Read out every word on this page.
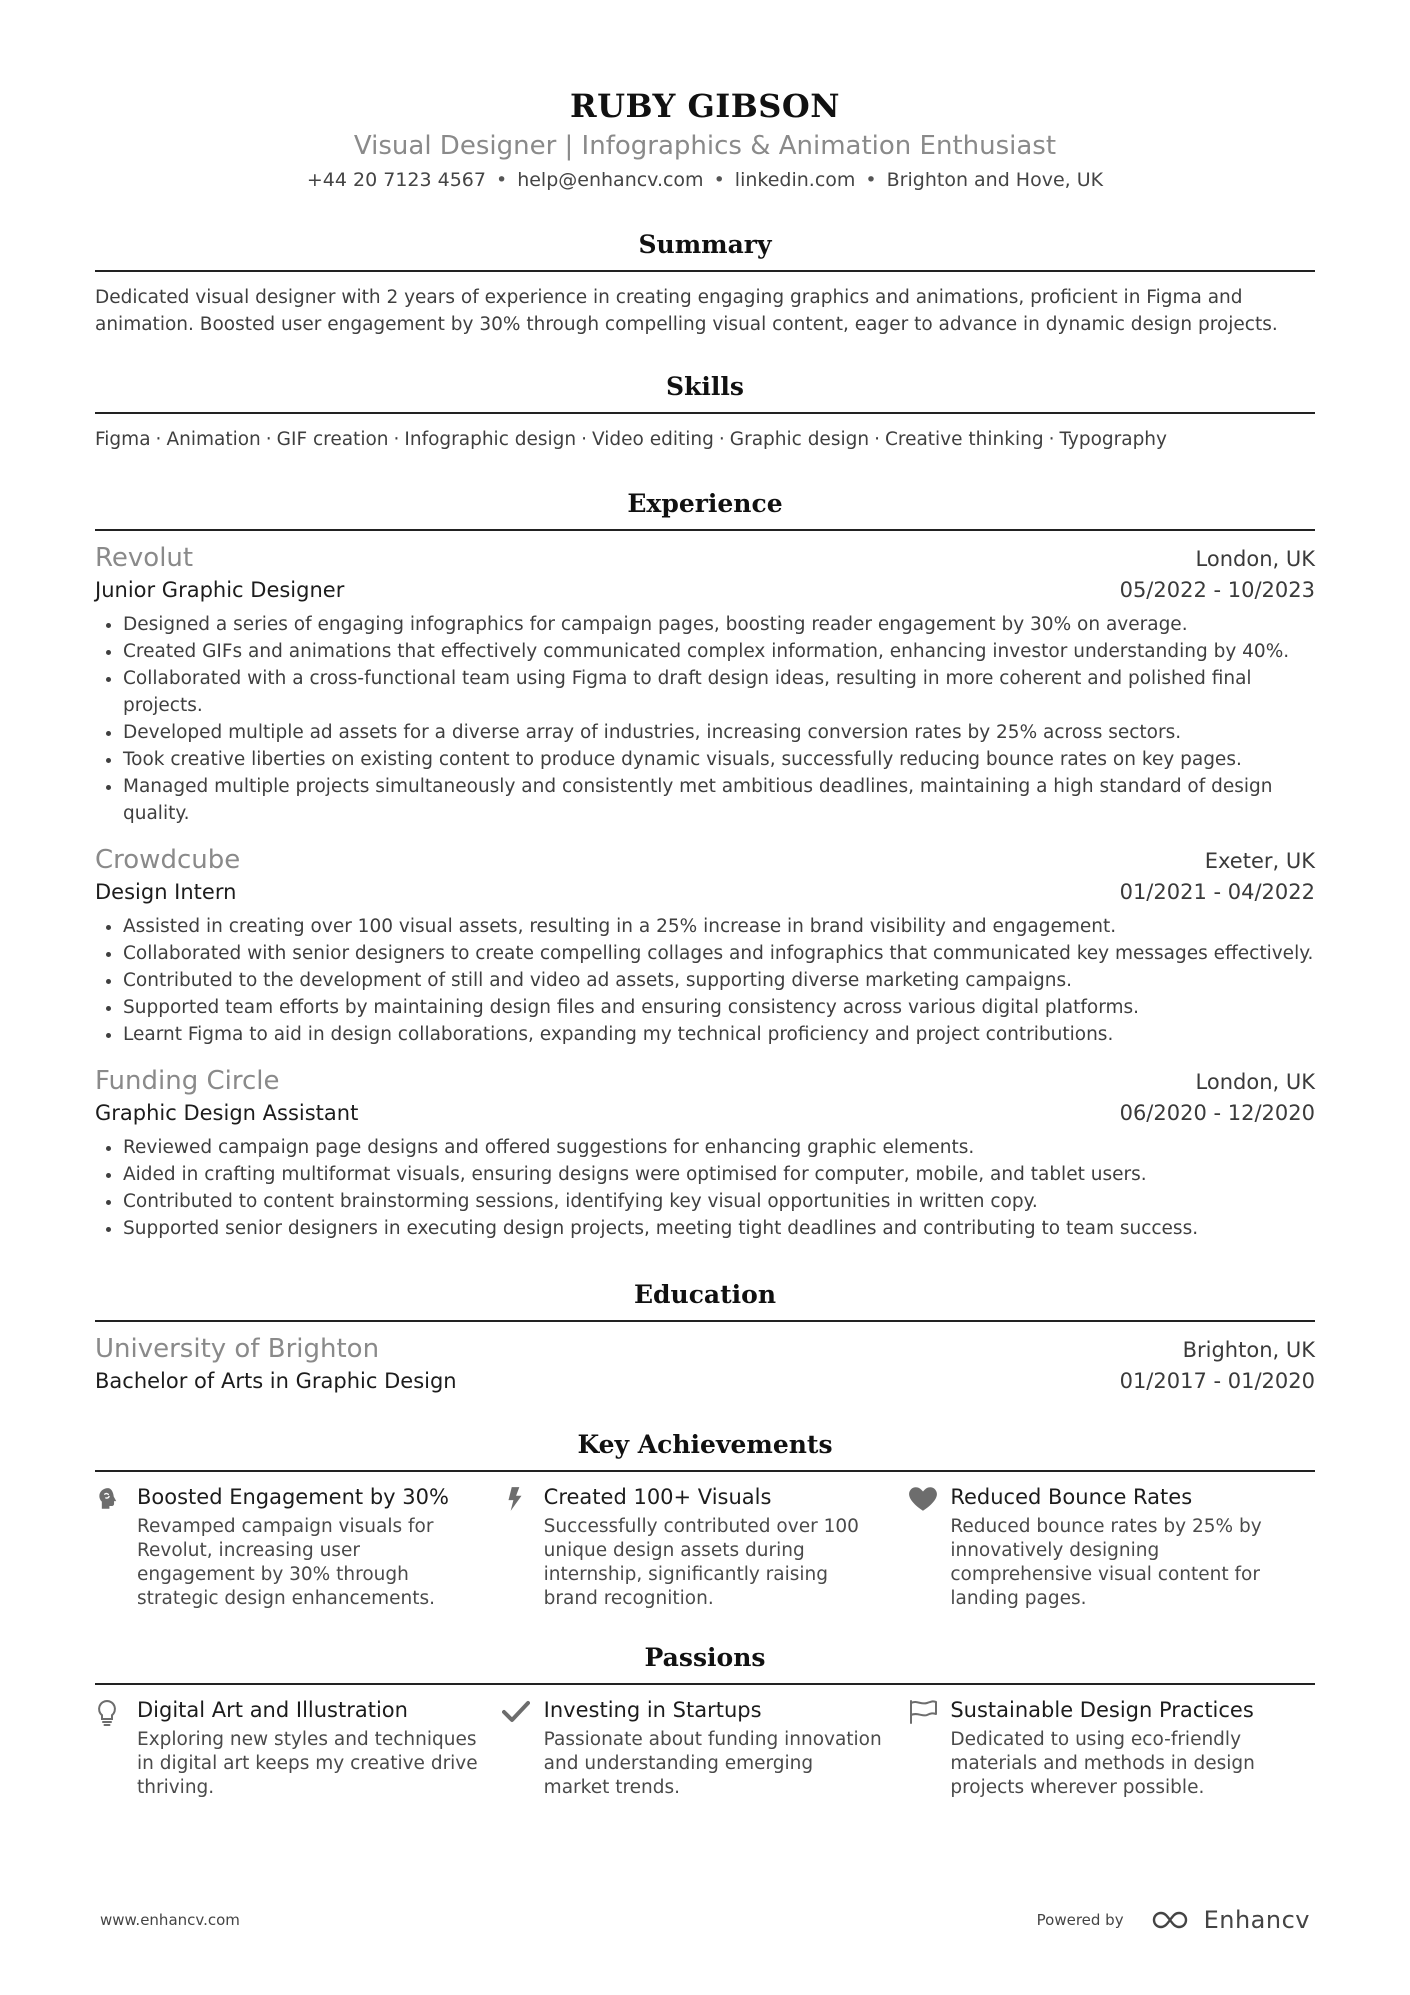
RUBY GIBSON
Visual Designer | Infographics & Animation Enthusiast
+44 20 7123 4567 • help@enhancv.com • linkedin.com • Brighton and Hove, UK
Summary
Dedicated visual designer with 2 years of experience in creating engaging graphics and animations, proficient in Figma and animation. Boosted user engagement by 30% through compelling visual content, eager to advance in dynamic design projects.
Skills
Figma · Animation · GIF creation · Infographic design · Video editing · Graphic design · Creative thinking · Typography
Experience
Revolut	London, UK
Junior Graphic Designer	05/2022 - 10/2023
• Designed a series of engaging infographics for campaign pages, boosting reader engagement by 30% on average.
• Created GIFs and animations that effectively communicated complex information, enhancing investor understanding by 40%.
• Collaborated with a cross-functional team using Figma to draft design ideas, resulting in more coherent and polished final projects.
• Developed multiple ad assets for a diverse array of industries, increasing conversion rates by 25% across sectors.
• Took creative liberties on existing content to produce dynamic visuals, successfully reducing bounce rates on key pages.
• Managed multiple projects simultaneously and consistently met ambitious deadlines, maintaining a high standard of design quality.
Crowdcube	Exeter, UK
Design Intern	01/2021 - 04/2022
• Assisted in creating over 100 visual assets, resulting in a 25% increase in brand visibility and engagement.
• Collaborated with senior designers to create compelling collages and infographics that communicated key messages effectively.
• Contributed to the development of still and video ad assets, supporting diverse marketing campaigns.
• Supported team efforts by maintaining design files and ensuring consistency across various digital platforms.
• Learnt Figma to aid in design collaborations, expanding my technical proficiency and project contributions.
Funding Circle	London, UK
Graphic Design Assistant	06/2020 - 12/2020
• Reviewed campaign page designs and offered suggestions for enhancing graphic elements.
• Aided in crafting multiformat visuals, ensuring designs were optimised for computer, mobile, and tablet users.
• Contributed to content brainstorming sessions, identifying key visual opportunities in written copy.
• Supported senior designers in executing design projects, meeting tight deadlines and contributing to team success.
Education
University of Brighton	Brighton, UK
Bachelor of Arts in Graphic Design	01/2017 - 01/2020
Key Achievements
Boosted Engagement by 30%
Revamped campaign visuals for Revolut, increasing user engagement by 30% through strategic design enhancements.
Created 100+ Visuals
Successfully contributed over 100 unique design assets during internship, significantly raising brand recognition.
Reduced Bounce Rates
Reduced bounce rates by 25% by innovatively designing comprehensive visual content for landing pages.
Passions
Digital Art and Illustration
Exploring new styles and techniques in digital art keeps my creative drive thriving.
Investing in Startups
Passionate about funding innovation and understanding emerging market trends.
Sustainable Design Practices
Dedicated to using eco-friendly materials and methods in design projects wherever possible.
www.enhancv.com	Powered by	Enhancv
